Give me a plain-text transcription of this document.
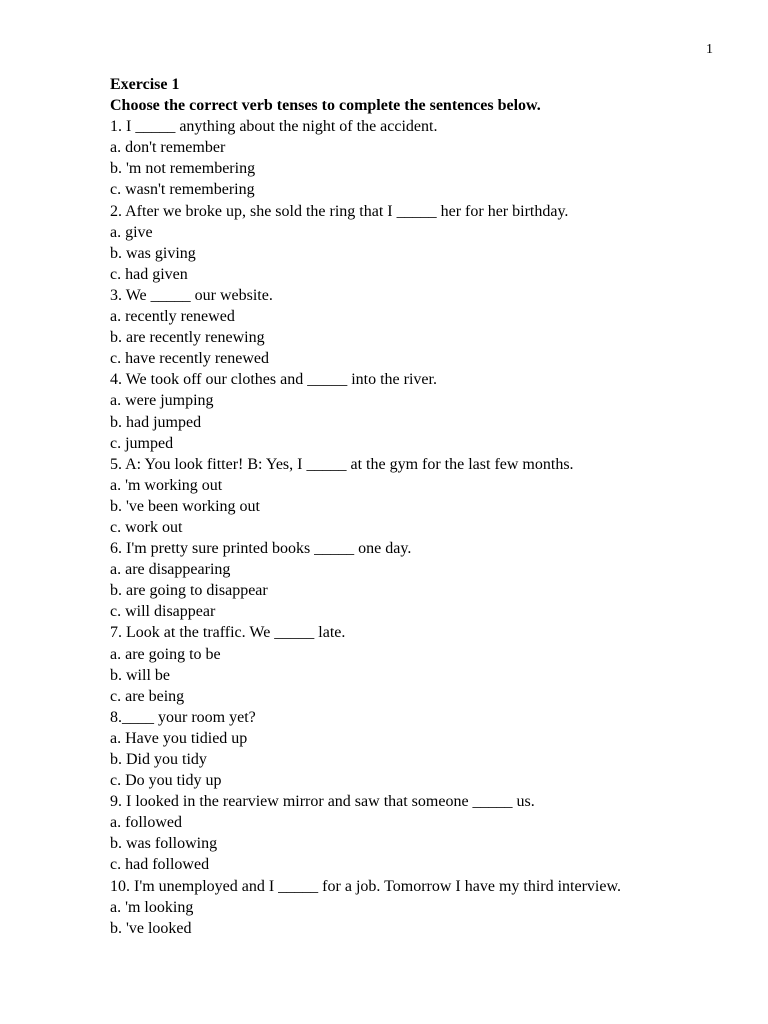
1
Exercise 1
Choose the correct verb tenses to complete the sentences below.
1. I _____ anything about the night of the accident.
a. don't remember
b. 'm not remembering
c. wasn't remembering
2. After we broke up, she sold the ring that I _____ her for her birthday.
a. give
b. was giving
c. had given
3. We _____ our website.
a. recently renewed
b. are recently renewing
c. have recently renewed
4. We took off our clothes and _____ into the river.
a. were jumping
b. had jumped
c. jumped
5. A: You look fitter! B: Yes, I _____ at the gym for the last few months.
a. 'm working out
b. 've been working out
c. work out
6. I'm pretty sure printed books _____ one day.
a. are disappearing
b. are going to disappear
c. will disappear
7. Look at the traffic. We _____ late.
a. are going to be
b. will be
c. are being
8.____ your room yet?
a. Have you tidied up
b. Did you tidy
c. Do you tidy up
9. I looked in the rearview mirror and saw that someone _____ us.
a. followed
b. was following
c. had followed
10. I'm unemployed and I _____ for a job. Tomorrow I have my third interview.
a. 'm looking
b. 've looked
